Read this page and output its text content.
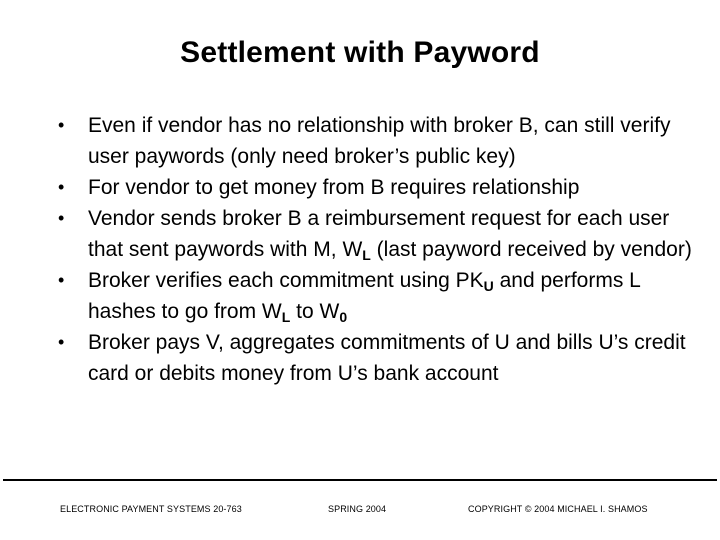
Settlement with Payword
• Even if vendor has no relationship with broker B, can still verify user paywords (only need broker’s public key)
• For vendor to get money from B requires relationship
• Vendor sends broker B a reimbursement request for each user that sent paywords with M, $W_L$ (last payword received by vendor)
• Broker verifies each commitment using $PK_U$ and performs L hashes to go from $W_L$ to $W_0$
• Broker pays V, aggregates commitments of U and bills U’s credit card or debits money from U’s bank account
ELECTRONIC PAYMENT SYSTEMS 20-763	SPRING 2004	COPYRIGHT © 2004 MICHAEL I. SHAMOS
